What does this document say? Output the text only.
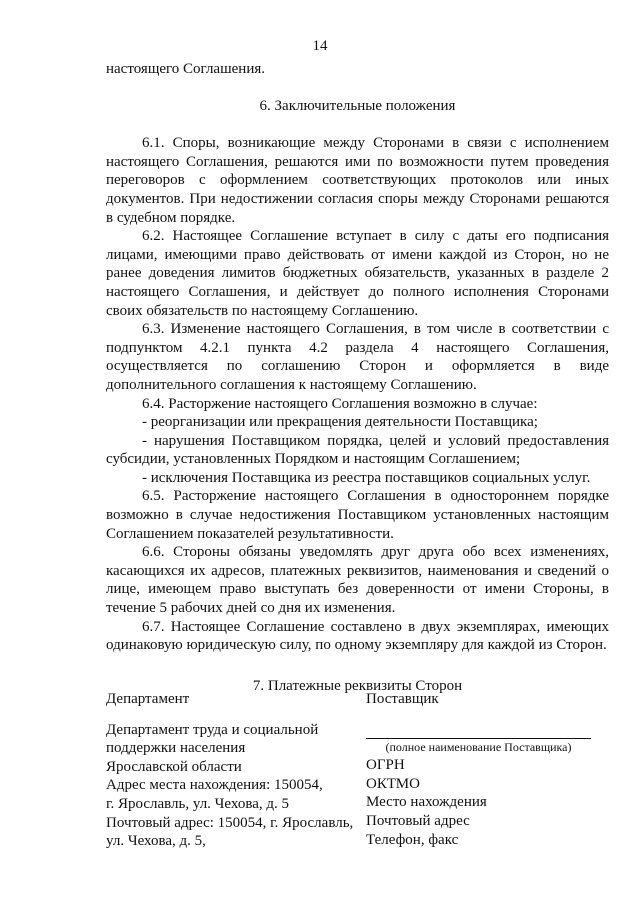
14

настоящего Соглашения.

6. Заключительные положения

6.1. Споры, возникающие между Сторонами в связи с исполнением настоящего Соглашения, решаются ими по возможности путем проведения переговоров с оформлением соответствующих протоколов или иных документов. При недостижении согласия споры между Сторонами решаются в судебном порядке.

6.2. Настоящее Соглашение вступает в силу с даты его подписания лицами, имеющими право действовать от имени каждой из Сторон, но не ранее доведения лимитов бюджетных обязательств, указанных в разделе 2 настоящего Соглашения, и действует до полного исполнения Сторонами своих обязательств по настоящему Соглашению.

6.3. Изменение настоящего Соглашения, в том числе в соответствии с подпунктом 4.2.1 пункта 4.2 раздела 4 настоящего Соглашения, осуществляется по соглашению Сторон и оформляется в виде дополнительного соглашения к настоящему Соглашению.

6.4. Расторжение настоящего Соглашения возможно в случае:

- реорганизации или прекращения деятельности Поставщика;

- нарушения Поставщиком порядка, целей и условий предоставления субсидии, установленных Порядком и настоящим Соглашением;

- исключения Поставщика из реестра поставщиков социальных услуг.

6.5. Расторжение настоящего Соглашения в одностороннем порядке возможно в случае недостижения Поставщиком установленных настоящим Соглашением показателей результативности.

6.6. Стороны обязаны уведомлять друг друга обо всех изменениях, касающихся их адресов, платежных реквизитов, наименования и сведений о лице, имеющем право выступать без доверенности от имени Стороны, в течение 5 рабочих дней со дня их изменения.

6.7. Настоящее Соглашение составлено в двух экземплярах, имеющих одинаковую юридическую силу, по одному экземпляру для каждой из Сторон.

7. Платежные реквизиты Сторон

Департамент

Департамент труда и социальной

поддержки населения

Ярославской области

Адрес места нахождения: 150054,

г. Ярославль, ул. Чехова, д. 5

Почтовый адрес: 150054, г. Ярославль,

ул. Чехова, д. 5,

Поставщик

(полное наименование Поставщика)

ОГРН

ОКТМО

Место нахождения

Почтовый адрес

Телефон, факс
